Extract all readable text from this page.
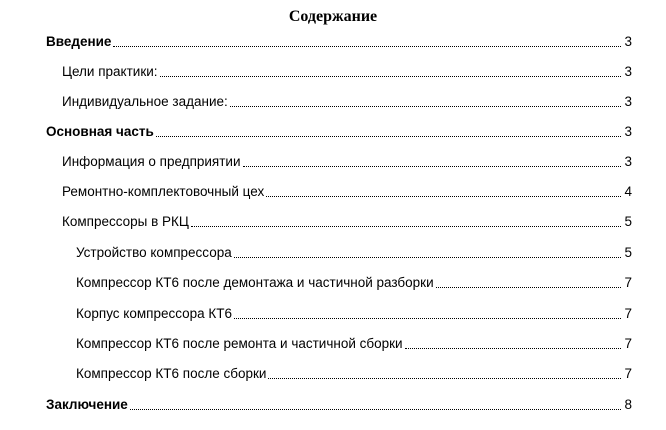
Содержание
Введение	3
Цели практики:	3
Индивидуальное задание:	3
Основная часть	3
Информация о предприятии	3
Ремонтно-комплектовочный цех	4
Компрессоры в РКЦ	5
Устройство компрессора	5
Компрессор КТ6 после демонтажа и частичной разборки	7
Корпус компрессора КТ6	7
Компрессор КТ6 после ремонта и частичной сборки	7
Компрессор КТ6 после сборки	7
Заключение	8
